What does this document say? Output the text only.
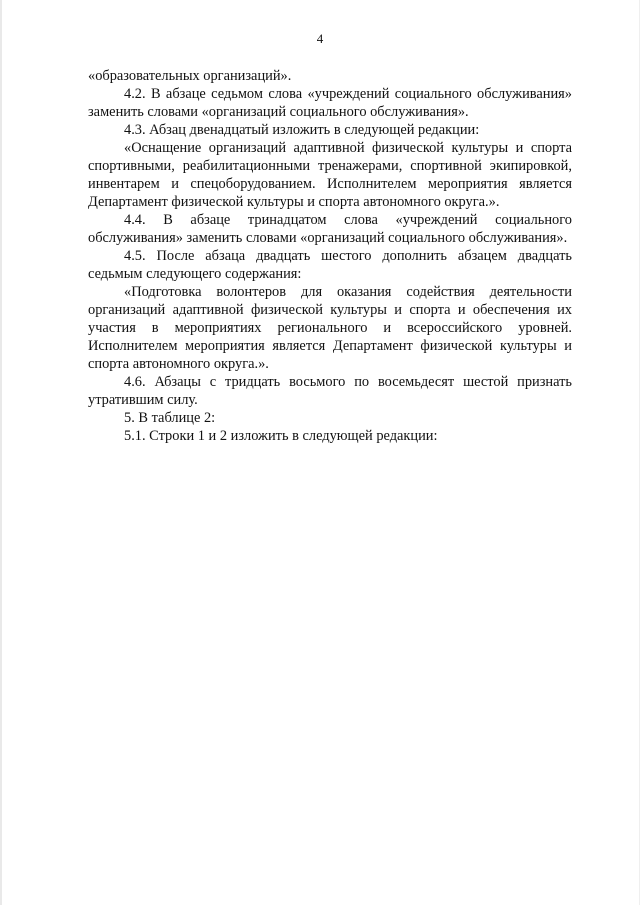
4

«образовательных организаций».

4.2. В абзаце седьмом слова «учреждений социального обслуживания» заменить словами «организаций социального обслуживания».

4.3. Абзац двенадцатый изложить в следующей редакции:

«Оснащение организаций адаптивной физической культуры и спорта спортивными, реабилитационными тренажерами, спортивной экипировкой, инвентарем и спецоборудованием. Исполнителем мероприятия является Департамент физической культуры и спорта автономного округа.».

4.4. В абзаце тринадцатом слова «учреждений социального обслуживания» заменить словами «организаций социального обслуживания».

4.5. После абзаца двадцать шестого дополнить абзацем двадцать седьмым следующего содержания:

«Подготовка волонтеров для оказания содействия деятельности организаций адаптивной физической культуры и спорта и обеспечения их участия в мероприятиях регионального и всероссийского уровней. Исполнителем мероприятия является Департамент физической культуры и спорта автономного округа.».

4.6. Абзацы с тридцать восьмого по восемьдесят шестой признать утратившим силу.

5. В таблице 2:

5.1. Строки 1 и 2 изложить в следующей редакции:
